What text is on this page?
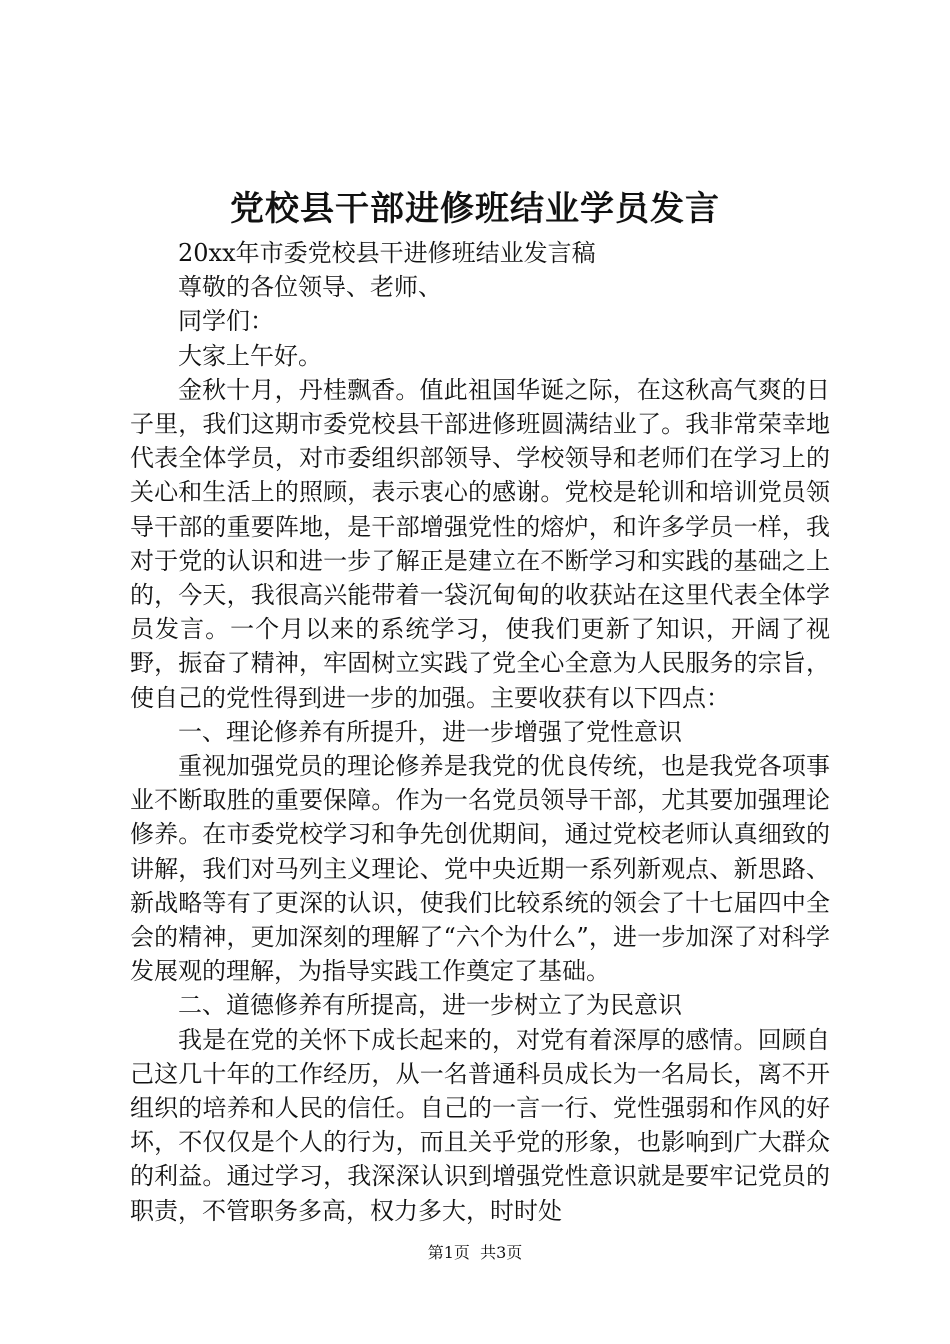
党校县干部进修班结业学员发言

20xx年市委党校县干进修班结业发言稿

尊敬的各位领导、老师、

同学们：

大家上午好。

金秋十月，丹桂飘香。值此祖国华诞之际，在这秋高气爽的日子里，我们这期市委党校县干部进修班圆满结业了。我非常荣幸地代表全体学员，对市委组织部领导、学校领导和老师们在学习上的关心和生活上的照顾，表示衷心的感谢。党校是轮训和培训党员领导干部的重要阵地，是干部增强党性的熔炉，和许多学员一样，我对于党的认识和进一步了解正是建立在不断学习和实践的基础之上的，今天，我很高兴能带着一袋沉甸甸的收获站在这里代表全体学员发言。一个月以来的系统学习，使我们更新了知识，开阔了视野，振奋了精神，牢固树立实践了党全心全意为人民服务的宗旨，使自己的党性得到进一步的加强。主要收获有以下四点：

一、理论修养有所提升，进一步增强了党性意识

重视加强党员的理论修养是我党的优良传统，也是我党各项事业不断取胜的重要保障。作为一名党员领导干部，尤其要加强理论修养。在市委党校学习和争先创优期间，通过党校老师认真细致的讲解，我们对马列主义理论、党中央近期一系列新观点、新思路、新战略等有了更深的认识，使我们比较系统的领会了十七届四中全会的精神，更加深刻的理解了“六个为什么”，进一步加深了对科学发展观的理解，为指导实践工作奠定了基础。

二、道德修养有所提高，进一步树立了为民意识

我是在党的关怀下成长起来的，对党有着深厚的感情。回顾自己这几十年的工作经历，从一名普通科员成长为一名局长，离不开组织的培养和人民的信任。自己的一言一行、党性强弱和作风的好坏，不仅仅是个人的行为，而且关乎党的形象，也影响到广大群众的利益。通过学习，我深深认识到增强党性意识就是要牢记党员的职责，不管职务多高，权力多大，时时处

第1页 共3页
